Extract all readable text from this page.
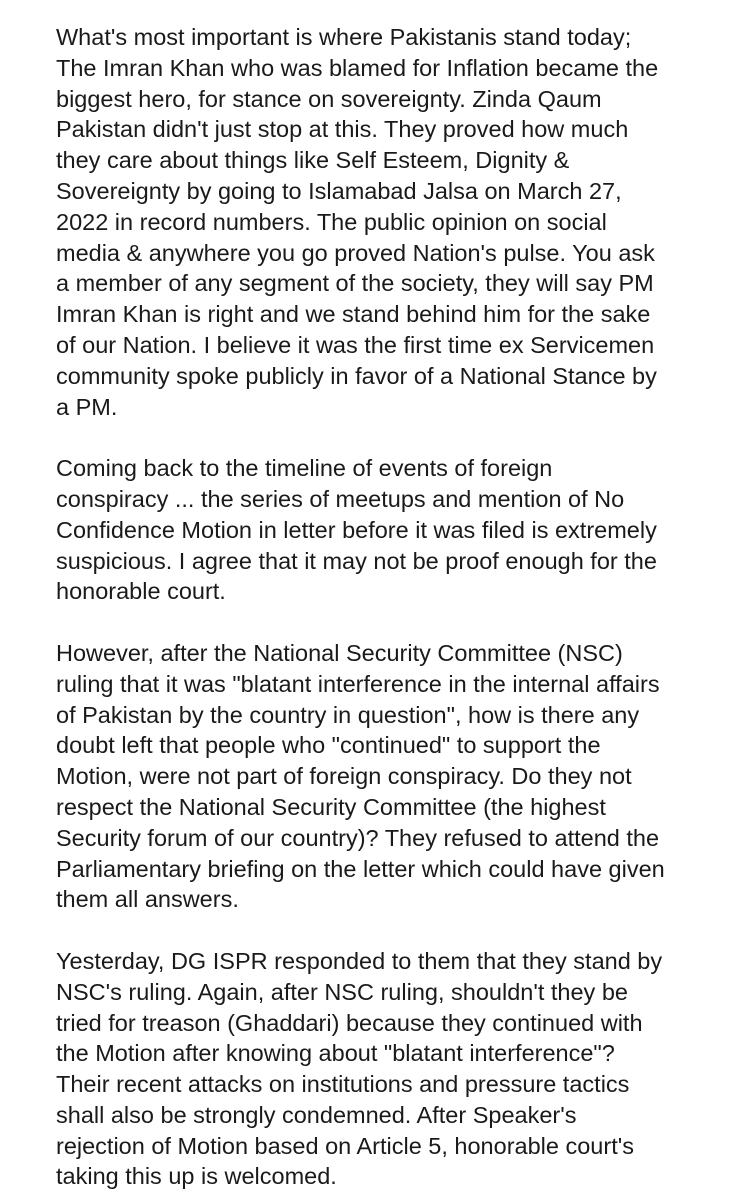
What's most important is where Pakistanis stand today;
The Imran Khan who was blamed for Inflation became the
biggest hero, for stance on sovereignty. Zinda Qaum
Pakistan didn't just stop at this. They proved how much
they care about things like Self Esteem, Dignity &
Sovereignty by going to Islamabad Jalsa on March 27,
2022 in record numbers. The public opinion on social
media & anywhere you go proved Nation's pulse. You ask
a member of any segment of the society, they will say PM
Imran Khan is right and we stand behind him for the sake
of our Nation. I believe it was the first time ex Servicemen
community spoke publicly in favor of a National Stance by
a PM.

Coming back to the timeline of events of foreign
conspiracy ... the series of meetups and mention of No
Confidence Motion in letter before it was filed is extremely
suspicious. I agree that it may not be proof enough for the
honorable court.

However, after the National Security Committee (NSC)
ruling that it was "blatant interference in the internal affairs
of Pakistan by the country in question", how is there any
doubt left that people who "continued" to support the
Motion, were not part of foreign conspiracy. Do they not
respect the National Security Committee (the highest
Security forum of our country)? They refused to attend the
Parliamentary briefing on the letter which could have given
them all answers.

Yesterday, DG ISPR responded to them that they stand by
NSC's ruling. Again, after NSC ruling, shouldn't they be
tried for treason (Ghaddari) because they continued with
the Motion after knowing about "blatant interference"?
Their recent attacks on institutions and pressure tactics
shall also be strongly condemned. After Speaker's
rejection of Motion based on Article 5, honorable court's
taking this up is welcomed.
